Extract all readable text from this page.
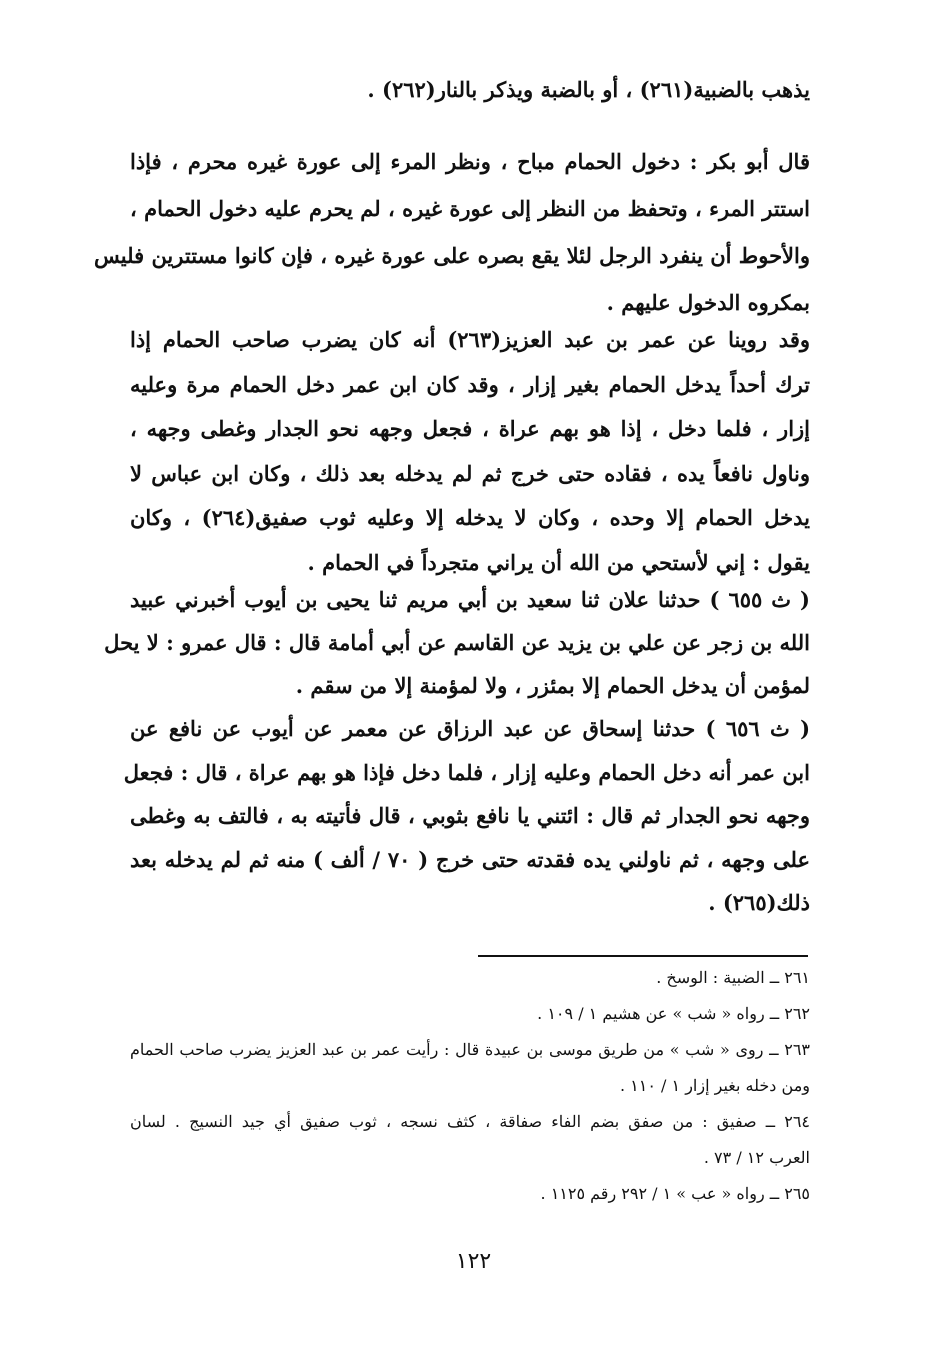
يذهب بالضبية(٢٦١) ، أو بالضبة ويذكر بالنار(٢٦٢) .
قال أبو بكر : دخول الحمام مباح ، ونظر المرء إلى عورة غيره محرم ، فإذا
استتر المرء ، وتحفظ من النظر إلى عورة غيره ، لم يحرم عليه دخول الحمام ،
والأحوط أن ينفرد الرجل لئلا يقع بصره على عورة غيره ، فإن كانوا مستترين فليس
بمكروه الدخول عليهم .
وقد روينا عن عمر بن عبد العزيز(٢٦٣) أنه كان يضرب صاحب الحمام إذا
ترك أحداً يدخل الحمام بغير إزار ، وقد كان ابن عمر دخل الحمام مرة وعليه
إزار ، فلما دخل ، إذا هو بهم عراة ، فجعل وجهه نحو الجدار وغطى وجهه ،
وناول نافعاً يده ، فقاده حتى خرج ثم لم يدخله بعد ذلك ، وكان ابن عباس لا
يدخل الحمام إلا وحده ، وكان لا يدخله إلا وعليه ثوب صفيق(٢٦٤) ، وكان
يقول : إني لأستحي من الله أن يراني متجرداً في الحمام .
( ث ٦٥٥ ) حدثنا علان ثنا سعيد بن أبي مريم ثنا يحيى بن أيوب أخبرني عبيد
الله بن زجر عن علي بن يزيد عن القاسم عن أبي أمامة قال : قال عمرو : لا يحل
لمؤمن أن يدخل الحمام إلا بمئزر ، ولا لمؤمنة إلا من سقم .
( ث ٦٥٦ ) حدثنا إسحاق عن عبد الرزاق عن معمر عن أيوب عن نافع عن
ابن عمر أنه دخل الحمام وعليه إزار ، فلما دخل فإذا هو بهم عراة ، قال : فجعل
وجهه نحو الجدار ثم قال : ائتني يا نافع بثوبي ، قال فأتيته به ، فالتف به وغطى
على وجهه ، ثم ناولني يده فقدته حتى خرج ( ٧٠ / ألف ) منه ثم لم يدخله بعد
ذلك(٢٦٥) .
٢٦١ ــ الضبية : الوسخ .
٢٦٢ ــ رواه « شب » عن هشيم ١ / ١٠٩ .
٢٦٣ ــ روى « شب » من طريق موسى بن عبيدة قال : رأيت عمر بن عبد العزيز يضرب صاحب الحمام
ومن دخله بغير إزار ١ / ١١٠ .
٢٦٤ ــ صفيق : من صفق بضم الفاء صفاقة ، كثف نسجه ، ثوب صفيق أي جيد النسيج . لسان
العرب ١٢ / ٧٣ .
٢٦٥ ــ رواه « عب » ١ / ٢٩٢ رقم ١١٢٥ .
١٢٢
